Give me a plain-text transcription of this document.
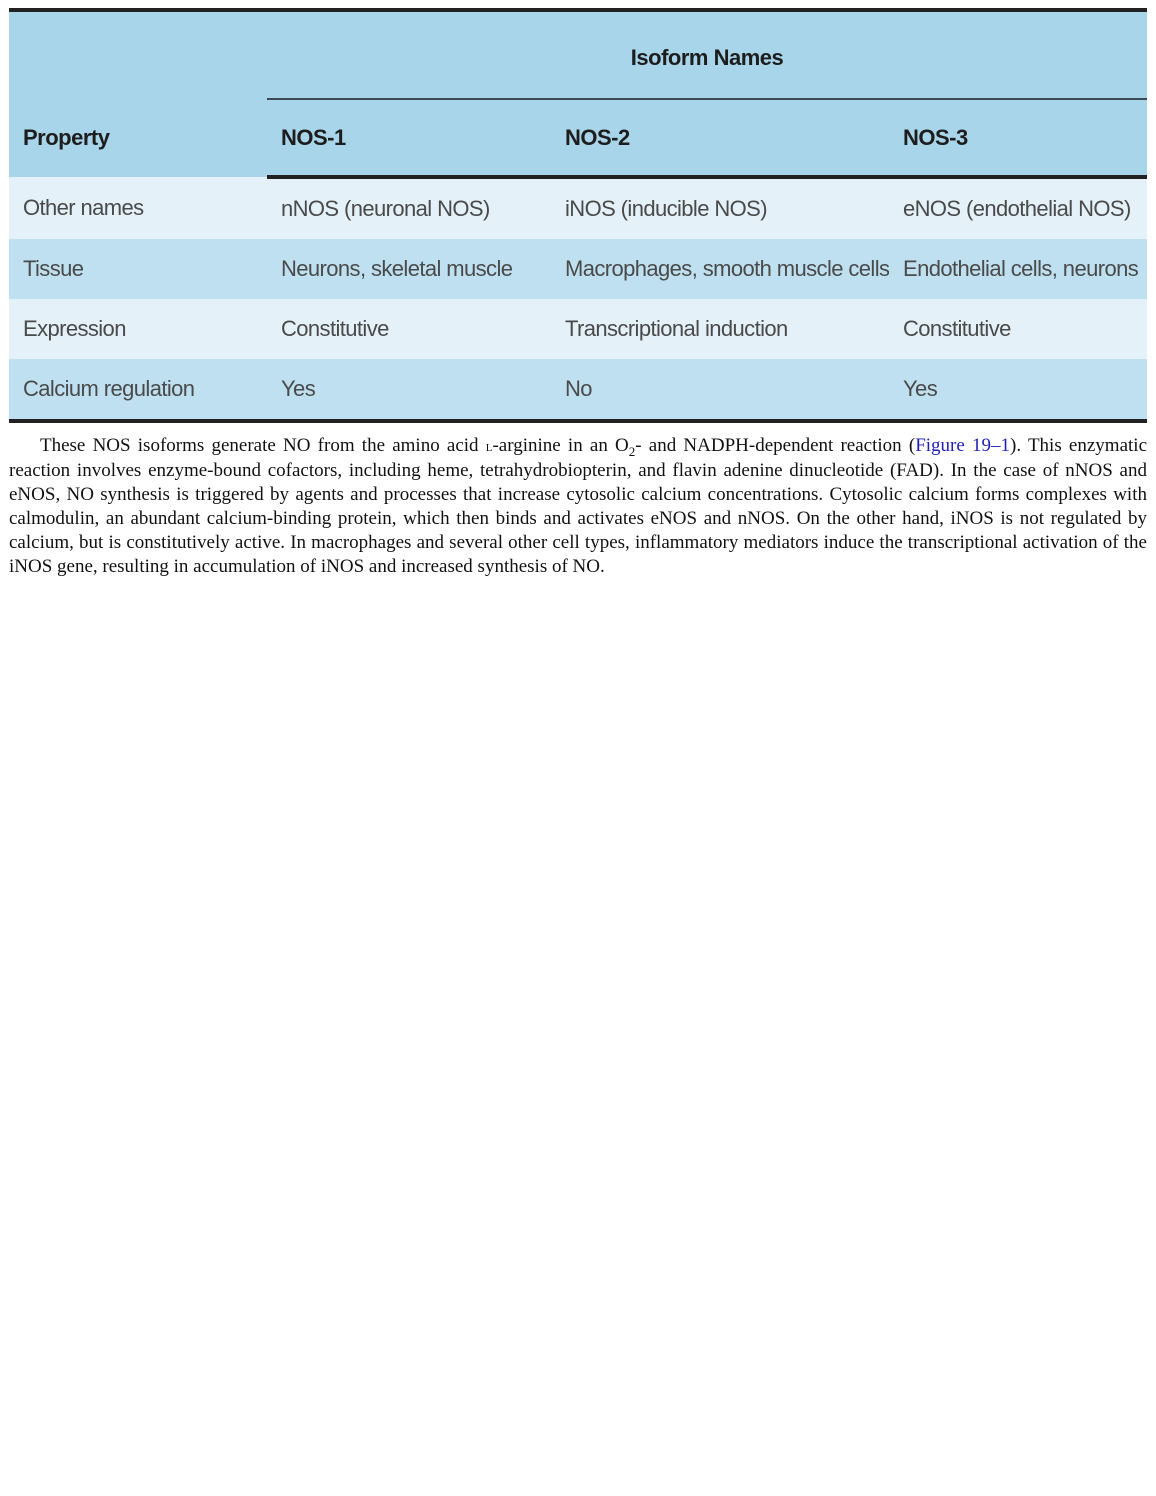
Property	Isoform Names		
	NOS-1	NOS-2	NOS-3
Other names	nNOS (neuronal NOS)	iNOS (inducible NOS)	eNOS (endothelial NOS)
Tissue	Neurons, skeletal muscle	Macrophages, smooth muscle cells	Endothelial cells, neurons
Expression	Constitutive	Transcriptional induction	Constitutive
Calcium regulation	Yes	No	Yes

These NOS isoforms generate NO from the amino acid l-arginine in an $O_2-$ and NADPH-dependent reaction (Figure 19–1). This enzymatic reaction involves enzyme-bound cofactors, including heme, tetrahydrobiopterin, and flavin adenine dinucleotide (FAD). In the case of nNOS and eNOS, NO synthesis is triggered by agents and processes that increase cytosolic calcium concentrations. Cytosolic calcium forms complexes with calmodulin, an abundant calcium-binding protein, which then binds and activates eNOS and nNOS. On the other hand, iNOS is not regulated by calcium, but is constitutively active. In macrophages and several other cell types, inflammatory mediators induce the transcriptional activation of the iNOS gene, resulting in accumulation of iNOS and increased synthesis of NO.
